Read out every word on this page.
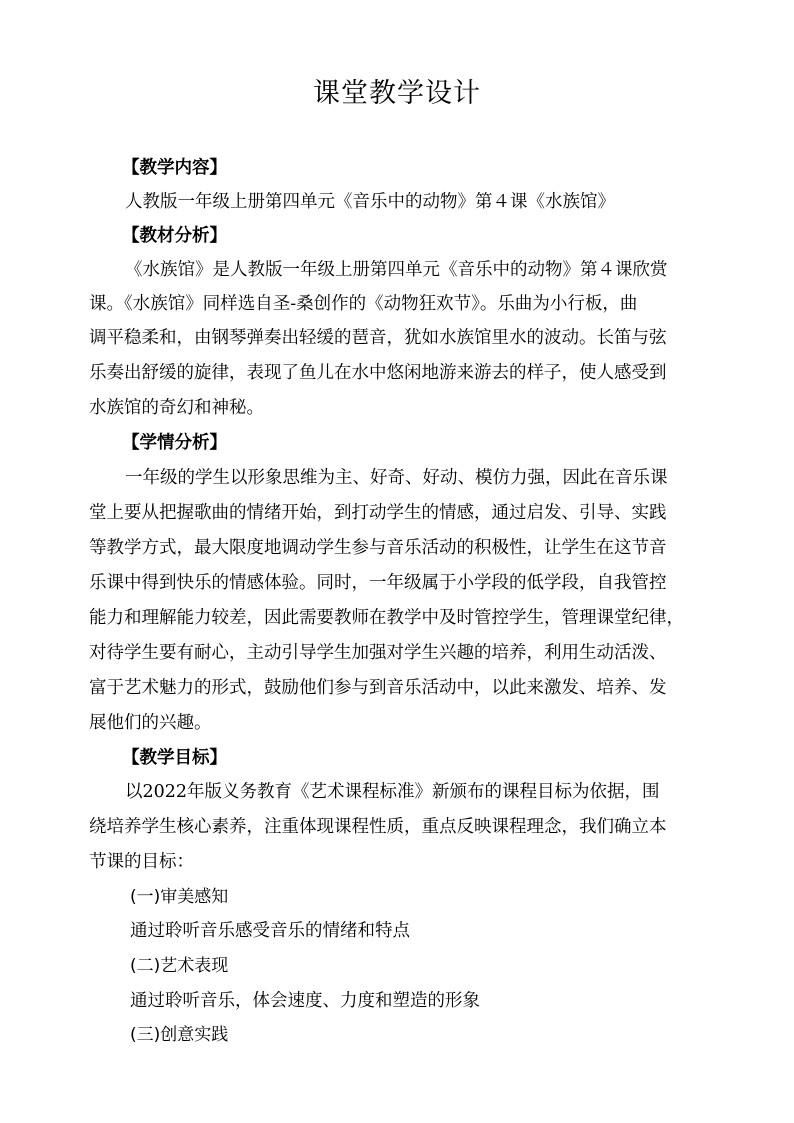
课堂教学设计
【教学内容】
人教版一年级上册第四单元《音乐中的动物》第４课《水族馆》
【教材分析】
《水族馆》是人教版一年级上册第四单元《音乐中的动物》第４课欣赏
课。《水族馆》同样选自圣-桑创作的《动物狂欢节》。乐曲为小行板，曲
调平稳柔和，由钢琴弹奏出轻缓的琶音，犹如水族馆里水的波动。长笛与弦
乐奏出舒缓的旋律，表现了鱼儿在水中悠闲地游来游去的样子，使人感受到
水族馆的奇幻和神秘。
【学情分析】
一年级的学生以形象思维为主、好奇、好动、模仿力强，因此在音乐课
堂上要从把握歌曲的情绪开始，到打动学生的情感，通过启发、引导、实践
等教学方式，最大限度地调动学生参与音乐活动的积极性，让学生在这节音
乐课中得到快乐的情感体验。同时，一年级属于小学段的低学段，自我管控
能力和理解能力较差，因此需要教师在教学中及时管控学生，管理课堂纪律，
对待学生要有耐心，主动引导学生加强对学生兴趣的培养，利用生动活泼、
富于艺术魅力的形式，鼓励他们参与到音乐活动中，以此来激发、培养、发
展他们的兴趣。
【教学目标】
以2022年版义务教育《艺术课程标准》新颁布的课程目标为依据，围
绕培养学生核心素养，注重体现课程性质，重点反映课程理念，我们确立本
节课的目标：
(一)审美感知
通过聆听音乐感受音乐的情绪和特点
(二)艺术表现
通过聆听音乐，体会速度、力度和塑造的形象
(三)创意实践
